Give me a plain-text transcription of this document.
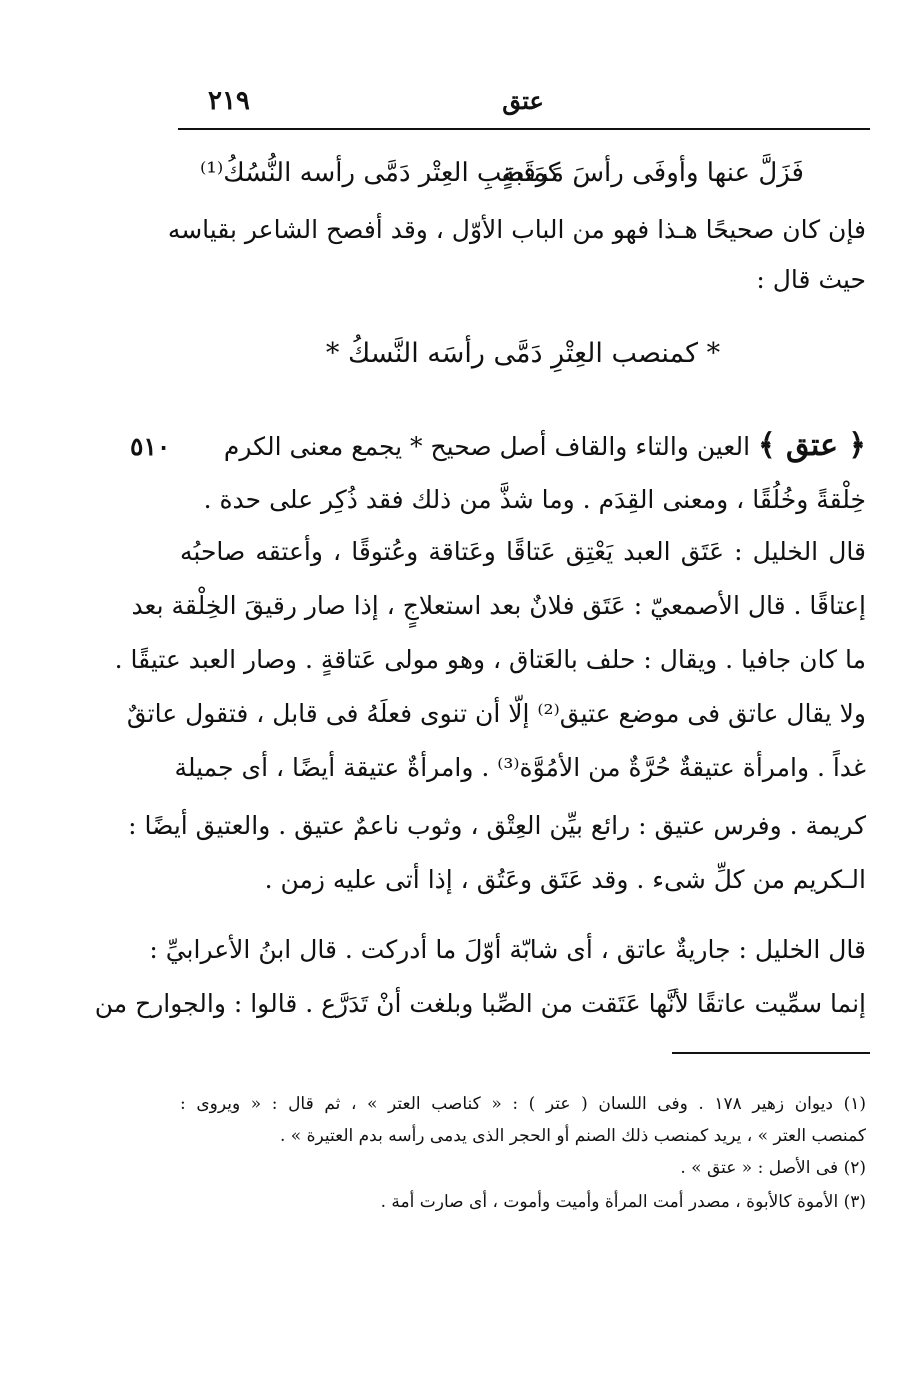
٢١٩	عتق
فَزَلَّ عنها وأوفَى رأسَ مَرقَبةٍ
كمَنصَبِ العِتْر دَمَّى رأسه النُّسُكُ⁽¹⁾
فإن كان صحيحًا هـذا فهو من الباب الأوّل ، وقد أفصح الشاعر بقياسه
حيث قال :
* كمنصب العِتْرِ دَمَّى رأسَه النَّسكُ *
٥١٠	﴿ عتق ﴾ العين والتاء والقاف أصل صحيح * يجمع معنى الكرم
خِلْقةً وخُلُقًا ، ومعنى القِدَم . وما شذَّ من ذلك فقد ذُكِر على حدة .
قال الخليل : عَتَق العبد يَعْتِق عَتاقًا وعَتاقة وعُتوقًا ، وأعتقه صاحبُه
إعتاقًا . قال الأصمعيّ : عَتَق فلانٌ بعد استعلاجٍ ، إذا صار رقيقَ الخِلْقة بعد
ما كان جافيا . ويقال : حلف بالعَتاق ، وهو مولى عَتاقةٍ . وصار العبد عتيقًا .
ولا يقال عاتق فى موضع عتيق⁽²⁾ إلّا أن تنوى فعلَهُ فى قابل ، فتقول عاتقٌ
غداً . وامرأة عتيقةٌ حُرَّةٌ من الأمُوَّة⁽³⁾ . وامرأةٌ عتيقة أيضًا ، أى جميلة
كريمة . وفرس عتيق : رائع بيِّن العِتْق ، وثوب ناعمٌ عتيق . والعتيق أيضًا :
الـكريم من كلِّ شىء . وقد عَتَق وعَتُق ، إذا أتى عليه زمن .
قال الخليل : جاريةٌ عاتق ، أى شابّة أوّلَ ما أدركت . قال ابنُ الأعرابيِّ :
إنما سمِّيت عاتقًا لأنَّها عَتَقت من الصِّبا وبلغت أنْ تَدَرَّع . قالوا : والجوارح من
(١) ديوان زهير ١٧٨ . وفى اللسان ( عتر ) : « كناصب العتر » ، ثم قال : « ويروى :
كمنصب العتر » ، يريد كمنصب ذلك الصنم أو الحجر الذى يدمى رأسه بدم العتيرة » .
(٢) فى الأصل : « عتق » .
(٣) الأموة كالأبوة ، مصدر أمت المرأة وأميت وأموت ، أى صارت أمة .
